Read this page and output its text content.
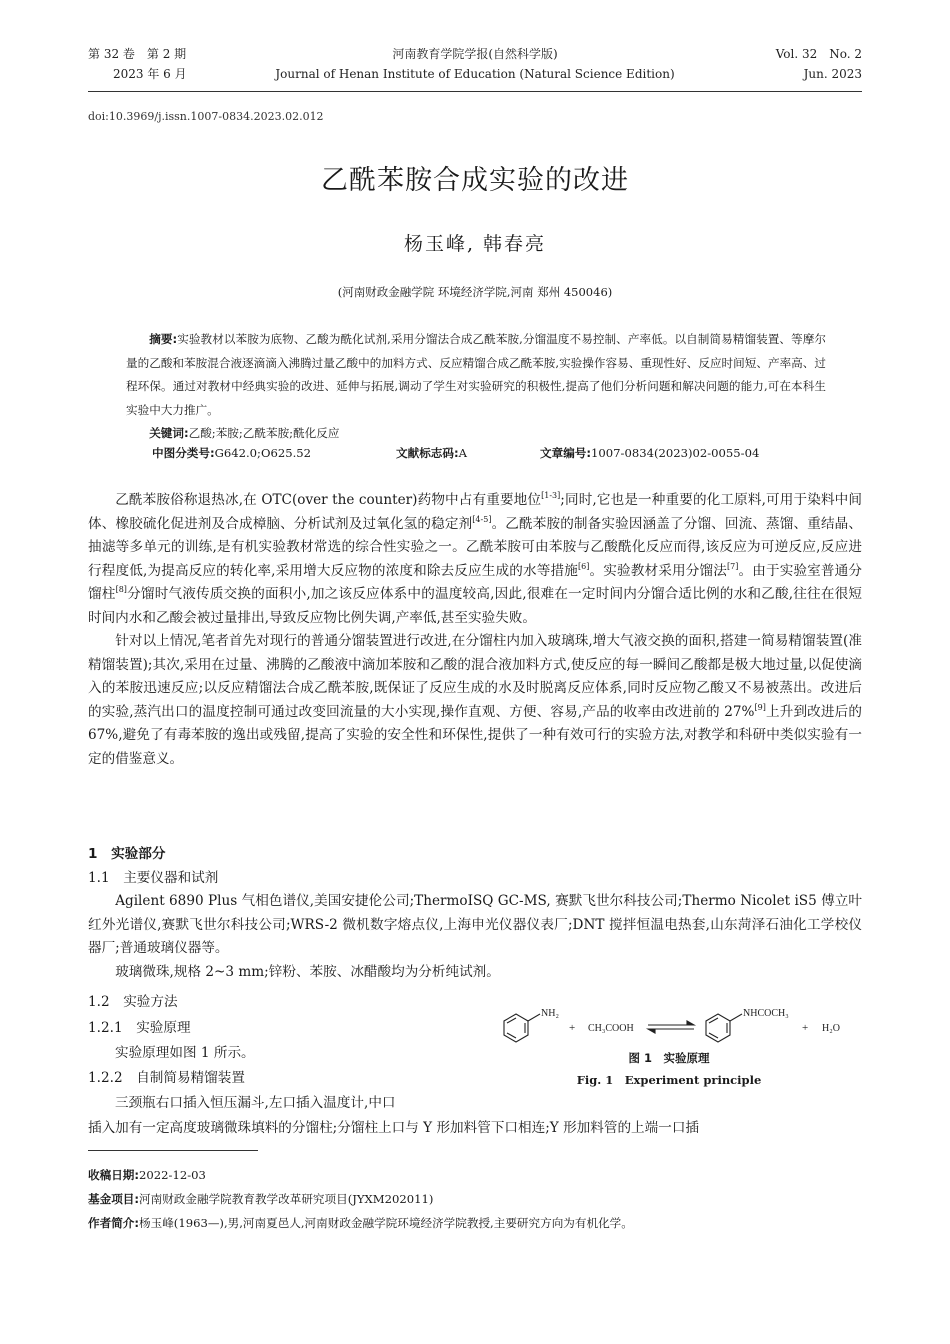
第 32 卷　第 2 期
2023 年 6 月
河南教育学院学报(自然科学版)
Journal of Henan Institute of Education (Natural Science Edition)
Vol. 32　No. 2
Jun. 2023
doi:10.3969/j.issn.1007-0834.2023.02.012
乙酰苯胺合成实验的改进
杨玉峰, 韩春亮
(河南财政金融学院 环境经济学院,河南 郑州 450046)
摘要:实验教材以苯胺为底物、乙酸为酰化试剂,采用分馏法合成乙酰苯胺,分馏温度不易控制、产率低。以自制简易精馏装置、等摩尔量的乙酸和苯胺混合液逐滴滴入沸腾过量乙酸中的加料方式、反应精馏合成乙酰苯胺,实验操作容易、重现性好、反应时间短、产率高、过程环保。通过对教材中经典实验的改进、延伸与拓展,调动了学生对实验研究的积极性,提高了他们分析问题和解决问题的能力,可在本科生实验中大力推广。
关键词:乙酸;苯胺;乙酰苯胺;酰化反应
中图分类号:G642.0;O625.52	文献标志码:A	文章编号:1007-0834(2023)02-0055-04

乙酰苯胺俗称退热冰,在 OTC(over the counter)药物中占有重要地位[1-3];同时,它也是一种重要的化工原料,可用于染料中间体、橡胶硫化促进剂及合成樟脑、分析试剂及过氧化氢的稳定剂[4-5]。乙酰苯胺的制备实验因涵盖了分馏、回流、蒸馏、重结晶、抽滤等多单元的训练,是有机实验教材常选的综合性实验之一。乙酰苯胺可由苯胺与乙酸酰化反应而得,该反应为可逆反应,反应进行程度低,为提高反应的转化率,采用增大反应物的浓度和除去反应生成的水等措施[6]。实验教材采用分馏法[7]。由于实验室普通分馏柱[8]分馏时气液传质交换的面积小,加之该反应体系中的温度较高,因此,很难在一定时间内分馏合适比例的水和乙酸,往往在很短时间内水和乙酸会被过量排出,导致反应物比例失调,产率低,甚至实验失败。

针对以上情况,笔者首先对现行的普通分馏装置进行改进,在分馏柱内加入玻璃珠,增大气液交换的面积,搭建一简易精馏装置(准精馏装置);其次,采用在过量、沸腾的乙酸液中滴加苯胺和乙酸的混合液加料方式,使反应的每一瞬间乙酸都是极大地过量,以促使滴入的苯胺迅速反应;以反应精馏法合成乙酰苯胺,既保证了反应生成的水及时脱离反应体系,同时反应物乙酸又不易被蒸出。改进后的实验,蒸汽出口的温度控制可通过改变回流量的大小实现,操作直观、方便、容易,产品的收率由改进前的 27%[9]上升到改进后的 67%,避免了有毒苯胺的逸出或残留,提高了实验的安全性和环保性,提供了一种有效可行的实验方法,对教学和科研中类似实验有一定的借鉴意义。

1　 实验部分
1.1　 主要仪器和试剂

Agilent 6890 Plus 气相色谱仪,美国安捷伦公司;ThermoISQ GC-MS, 赛默飞世尔科技公司;Thermo Nicolet iS5 傅立叶红外光谱仪,赛默飞世尔科技公司;WRS-2 微机数字熔点仪,上海申光仪器仪表厂;DNT 搅拌恒温电热套,山东菏泽石油化工学校仪器厂;普通玻璃仪器等。

玻璃微珠,规格 2~3 mm;锌粉、苯胺、冰醋酸均为分析纯试剂。

1.2　 实验方法
1.2.1　 实验原理
实验原理如图 1 所示。
1.2.2　 自制简易精馏装置
三颈瓶右口插入恒压漏斗,左口插入温度计,中口
插入加有一定高度玻璃微珠填料的分馏柱;分馏柱上口与 Y 形加料管下口相连;Y 形加料管的上端一口插
NH₂
+ CH₃COOH
NHCOCH₃
+ H₂O
图 1　实验原理
Fig. 1　Experiment principle
收稿日期:2022-12-03
基金项目:河南财政金融学院教育教学改革研究项目(JYXM202011)
作者简介:杨玉峰(1963—),男,河南夏邑人,河南财政金融学院环境经济学院教授,主要研究方向为有机化学。
